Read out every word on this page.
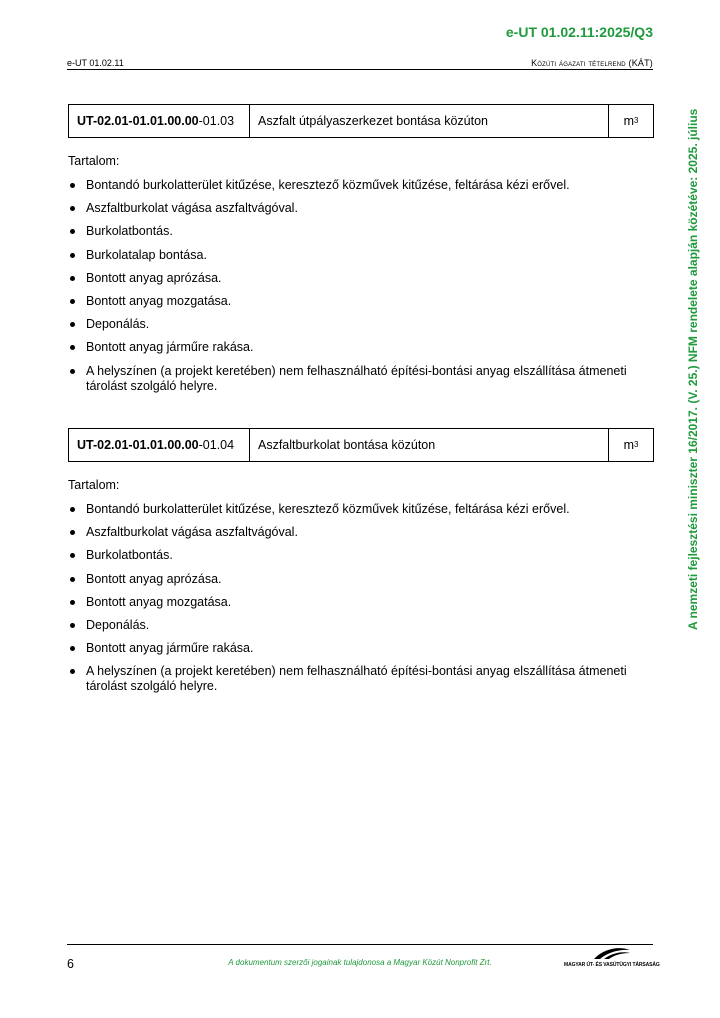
e-UT 01.02.11:2025/Q3
e-UT 01.02.11	Közúti ágazati tételrend (KÁT)
A nemzeti fejlesztési miniszter 16/2017. (V. 25.) NFM rendelete alapján közétéve: 2025. július
UT-02.01-01.01.00.00 -01.03	Aszfalt útpályaszerkezet bontása közúton	m 3
Tartalom:
Bontandó burkolatterület kitűzése, keresztező közművek kitűzése, feltárása kézi erővel.
Aszfaltburkolat vágása aszfaltvágóval.
Burkolatbontás.
Burkolatalap bontása.
Bontott anyag aprózása.
Bontott anyag mozgatása.
Deponálás.
Bontott anyag járműre rakása.
A helyszínen (a projekt keretében) nem felhasználható építési-bontási anyag elszállítása átmeneti tárolást szolgáló helyre.
UT-02.01-01.01.00.00 -01.04	Aszfaltburkolat bontása közúton	m 3
Tartalom:
Bontandó burkolatterület kitűzése, keresztező közművek kitűzése, feltárása kézi erővel.
Aszfaltburkolat vágása aszfaltvágóval.
Burkolatbontás.
Bontott anyag aprózása.
Bontott anyag mozgatása.
Deponálás.
Bontott anyag járműre rakása.
A helyszínen (a projekt keretében) nem felhasználható építési-bontási anyag elszállítása átmeneti tárolást szolgáló helyre.
6	A dokumentum szerzői jogainak tulajdonosa a Magyar Közút Nonprofit Zrt.	MAGYAR ÚT- ÉS VASÚTÜGYI TÁRSASÁG
